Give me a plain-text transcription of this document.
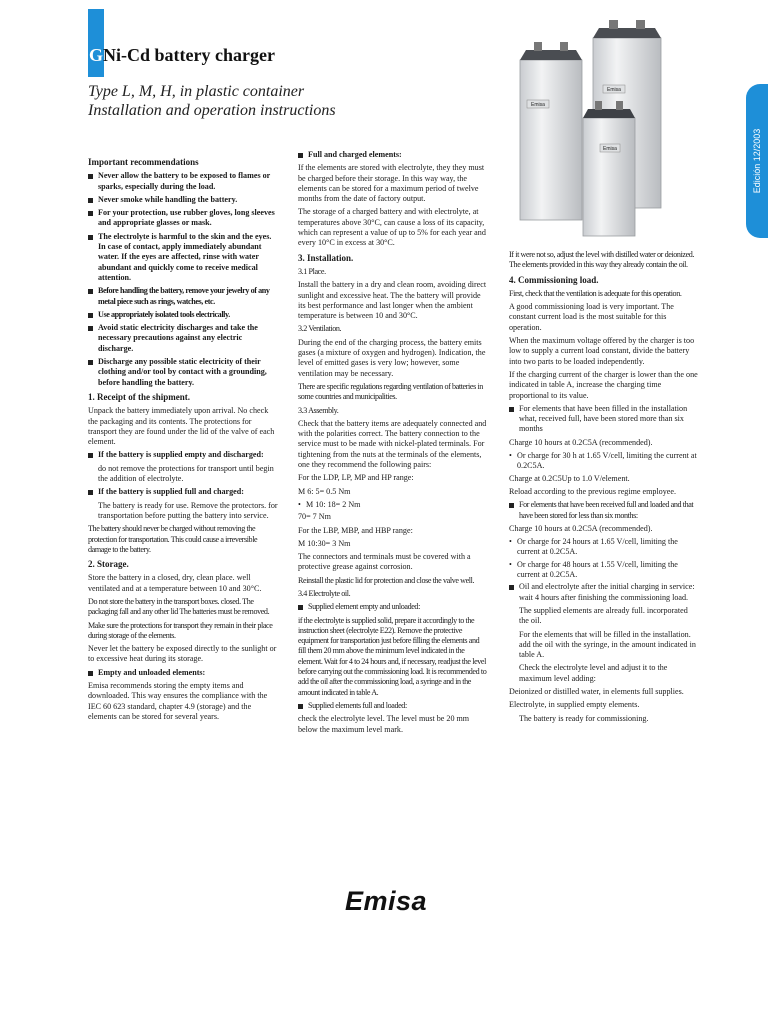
GNi-Cd battery charger
Type L, M, H, in plastic container
Installation and operation instructions
Edición 12/2003
Emisa
Emisa
Emisa
Important recommendations
Never allow the battery to be exposed to flames or sparks, especially during the load.
Never smoke while handling the battery.
For your protection, use rubber gloves, long sleeves and appropriate glasses or mask.
The electrolyte is harmful to the skin and the eyes. In case of contact, apply immediately abundant water. If the eyes are affected, rinse with water abundant and quickly come to receive medical attention.
Before handling the battery, remove your jewelry of any metal piece such as rings, watches, etc.
Use appropriately isolated tools electrically.
Avoid static electricity discharges and take the necessary precautions against any electric discharge.
Discharge any possible static electricity of their clothing and/or tool by contact with a grounding, before handling the battery.
1. Receipt of the shipment.

Unpack the battery immediately upon arrival. No check the packaging and its contents. The protections for transport they are found under the lid of the valve of each element.

If the battery is supplied empty and discharged:

do not remove the protections for transport until begin the addition of electrolyte.

If the battery is supplied full and charged:

The battery is ready for use. Remove the protectors. for transportation before putting the battery into service.

The battery should never be charged without removing the protection for transportation. This could cause a irreversible damage to the battery.

2. Storage.

Store the battery in a closed, dry, clean place. well ventilated and at a temperature between 10 and 30°C.

Do not store the battery in the transport boxes. closed. The packaging fall and any other lid The batteries must be removed.

Make sure the protections for transport they remain in their place during storage of the elements.

Never let the battery be exposed directly to the sunlight or to excessive heat during its storage.

Empty and unloaded elements:

Emisa recommends storing the empty items and downloaded. This way ensures the compliance with the IEC 60 623 standard, chapter 4.9 (storage) and the elements can be stored for several years.

Full and charged elements:

If the elements are stored with electrolyte, they they must be charged before their storage. In this way way, the elements can be stored for a maximum period of twelve months from the date of factory output.

The storage of a charged battery and with electrolyte, at temperatures above 30°C, can cause a loss of its capacity, which can represent a value of up to 5% for each year and every 10°C in excess at 30°C.

3. Installation.

3.1 Place.

Install the battery in a dry and clean room, avoiding direct sunlight and excessive heat. The the battery will provide its best performance and last longer when the ambient temperature is between 10 and 30°C.

3.2 Ventilation.

During the end of the charging process, the battery emits gases (a mixture of oxygen and hydrogen). Indication, the level of emitted gases is very low; however, some ventilation may be necessary.

There are specific regulations regarding ventilation of batteries in some countries and municipalities.

3.3 Assembly.

Check that the battery items are adequately connected and with the polarities correct. The battery connection to the service must to be made with nickel-plated terminals. For tightening from the nuts at the terminals of the elements, one they recommend the following pairs:

For the LDP, LP, MP and HP range:

M 6: 5= 0.5 Nm

• M 10: 18= 2 Nm

70= 7 Nm

For the LBP, MBP, and HBP range:

M 10:30= 3 Nm

The connectors and terminals must be covered with a protective grease against corrosion.

Reinstall the plastic lid for protection and close the valve well.

3.4 Electrolyte oil.

Supplied element empty and unloaded:

if the electrolyte is supplied solid, prepare it accordingly to the instruction sheet (electrolyte E22). Remove the protective equipment for transportation just before filling the elements and fill them 20 mm above the minimum level indicated in the element. Wait for 4 to 24 hours and, if necessary, readjust the level before carrying out the commissioning load. It is recommended to add the oil after the commissioning load, a syringe and in the amount indicated in table A.

Supplied elements full and loaded:

check the electrolyte level. The level must be 20 mm below the maximum level mark.

If it were not so, adjust the level with distilled water or deionized. The elements provided in this way they already contain the oil.

4. Commissioning load.

First, check that the ventilation is adequate for this operation.

A good commissioning load is very important. The constant current load is the most suitable for this operation.

When the maximum voltage offered by the charger is too low to supply a current load constant, divide the battery into two parts to be loaded independently.

If the charging current of the charger is lower than the one indicated in table A, increase the charging time proportional to its value.

For elements that have been filled in the installation what, received full, have been stored more than six months

Charge 10 hours at 0.2C5A (recommended).

• Or charge for 30 h at 1.65 V/cell, limiting the current at 0.2C5A.

Charge at 0.2C5Up to 1.0 V/element.

Reload according to the previous regime employee.

For elements that have been received full and loaded and that have been stored for less than six months:

Charge 10 hours at 0.2C5A (recommended).

• Or charge for 24 hours at 1.65 V/cell, limiting the current at 0.2C5A.
• Or charge for 48 hours at 1.55 V/cell, limiting the current at 0.2C5A.
Oil and electrolyte after the initial charging in service: wait 4 hours after finishing the commissioning load.

The supplied elements are already full. incorporated the oil.

For the elements that will be filled in the installation. add the oil with the syringe, in the amount indicated in table A.

Check the electrolyte level and adjust it to the maximum level adding:

Deionized or distilled water, in elements full supplies.

Electrolyte, in supplied empty elements.

The battery is ready for commissioning.

Emisa
